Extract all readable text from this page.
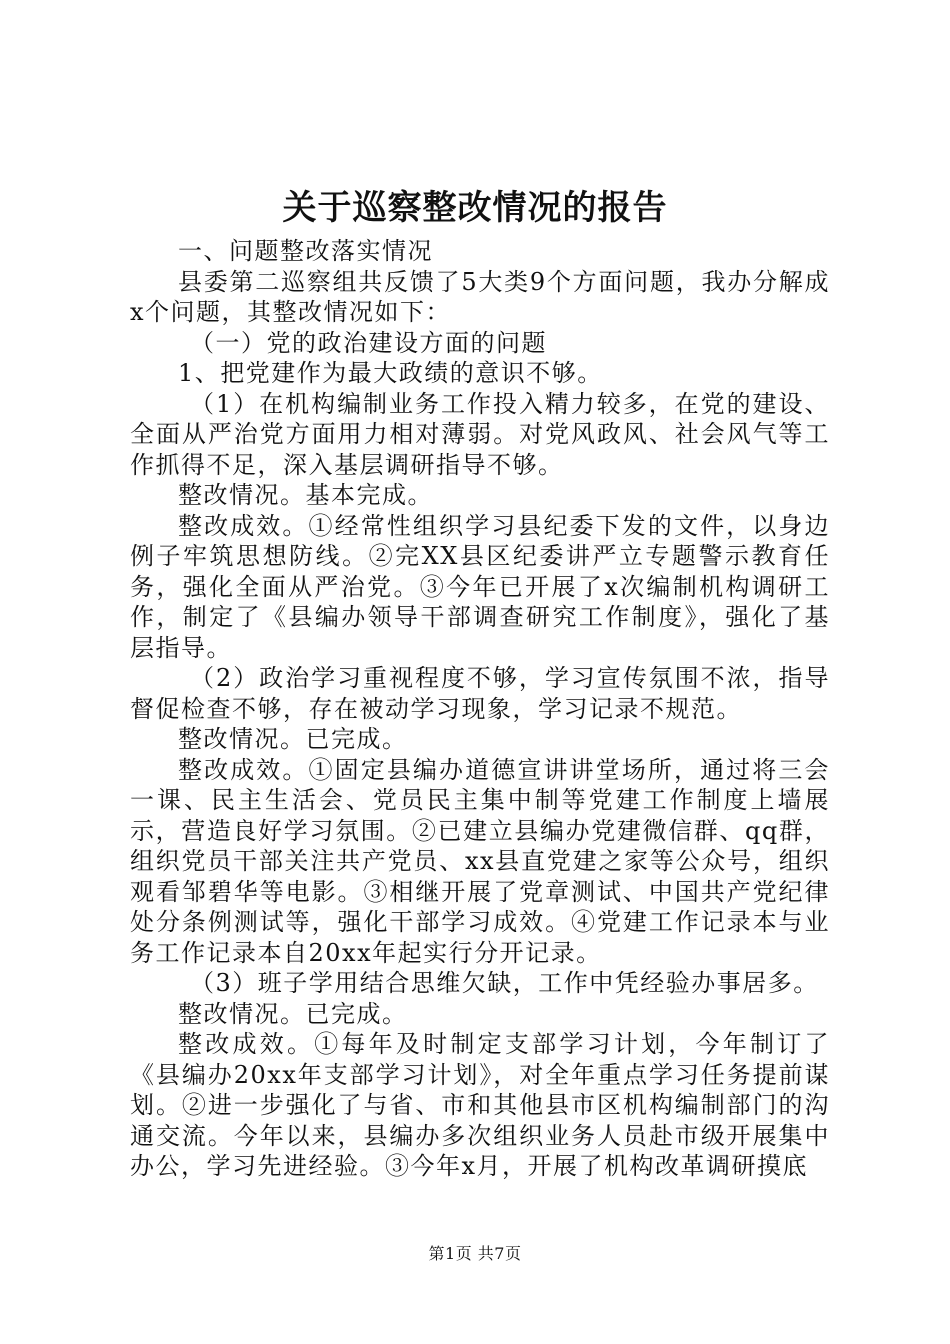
关于巡察整改情况的报告

一、问题整改落实情况

县委第二巡察组共反馈了5大类9个方面问题，我办分解成x个问题，其整改情况如下：

（一）党的政治建设方面的问题

1、把党建作为最大政绩的意识不够。

（1）在机构编制业务工作投入精力较多，在党的建设、全面从严治党方面用力相对薄弱。对党风政风、社会风气等工作抓得不足，深入基层调研指导不够。

整改情况。基本完成。

整改成效。①经常性组织学习县纪委下发的文件，以身边例子牢筑思想防线。②完XX县区纪委讲严立专题警示教育任务，强化全面从严治党。③今年已开展了x次编制机构调研工作，制定了《县编办领导干部调查研究工作制度》，强化了基层指导。

（2）政治学习重视程度不够，学习宣传氛围不浓，指导督促检查不够，存在被动学习现象，学习记录不规范。

整改情况。已完成。

整改成效。①固定县编办道德宣讲讲堂场所，通过将三会一课、民主生活会、党员民主集中制等党建工作制度上墙展示，营造良好学习氛围。②已建立县编办党建微信群、qq群，组织党员干部关注共产党员、xx县直党建之家等公众号，组织观看邹碧华等电影。③相继开展了党章测试、中国共产党纪律处分条例测试等，强化干部学习成效。④党建工作记录本与业务工作记录本自20xx年起实行分开记录。

（3）班子学用结合思维欠缺，工作中凭经验办事居多。

整改情况。已完成。

整改成效。①每年及时制定支部学习计划，今年制订了《县编办20xx年支部学习计划》，对全年重点学习任务提前谋划。②进一步强化了与省、市和其他县市区机构编制部门的沟通交流。今年以来，县编办多次组织业务人员赴市级开展集中办公，学习先进经验。③今年x月，开展了机构改革调研摸底

第1页 共7页
